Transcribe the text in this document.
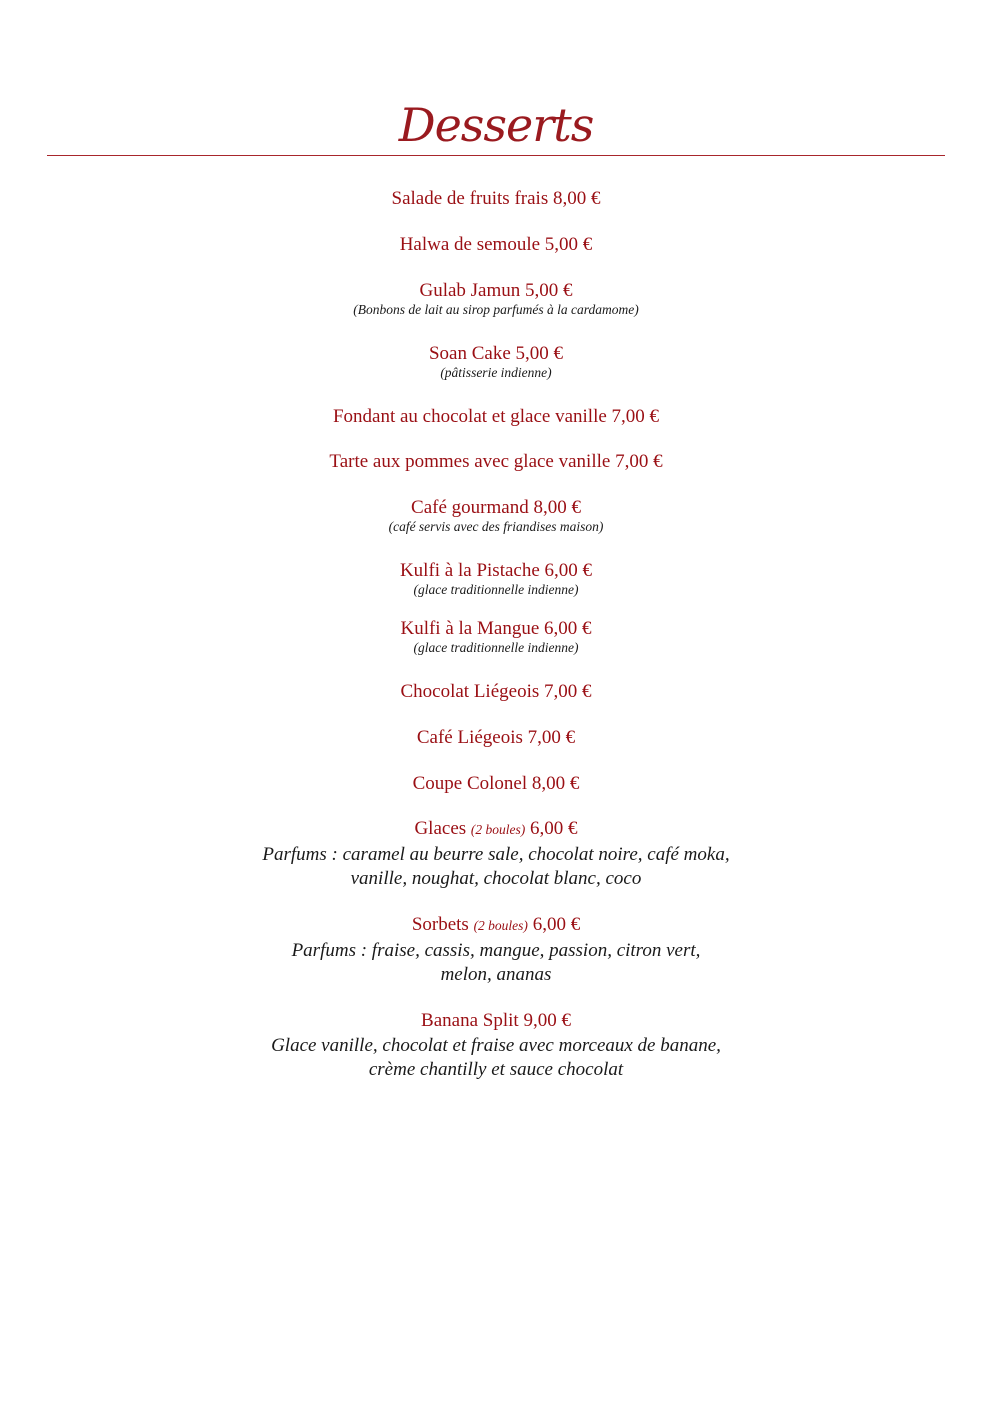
Desserts
Salade de fruits frais 8,00 €
Halwa de semoule 5,00 €
Gulab Jamun 5,00 €
(Bonbons de lait au sirop parfumés à la cardamome)
Soan Cake 5,00 €
(pâtisserie indienne)
Fondant au chocolat et glace vanille 7,00 €
Tarte aux pommes avec glace vanille 7,00 €
Café gourmand 8,00 €
(café servis avec des friandises maison)
Kulfi à la Pistache 6,00 €
(glace traditionnelle indienne)
Kulfi à la Mangue 6,00 €
(glace traditionnelle indienne)
Chocolat Liégeois 7,00 €
Café Liégeois 7,00 €
Coupe Colonel 8,00 €
Glaces (2 boules) 6,00 €
Parfums : caramel au beurre sale, chocolat noire, café moka, vanille, noughat, chocolat blanc, coco
Sorbets (2 boules) 6,00 €
Parfums : fraise, cassis, mangue, passion, citron vert, melon, ananas
Banana Split 9,00 €
Glace vanille, chocolat et fraise avec morceaux de banane, crème chantilly et sauce chocolat
